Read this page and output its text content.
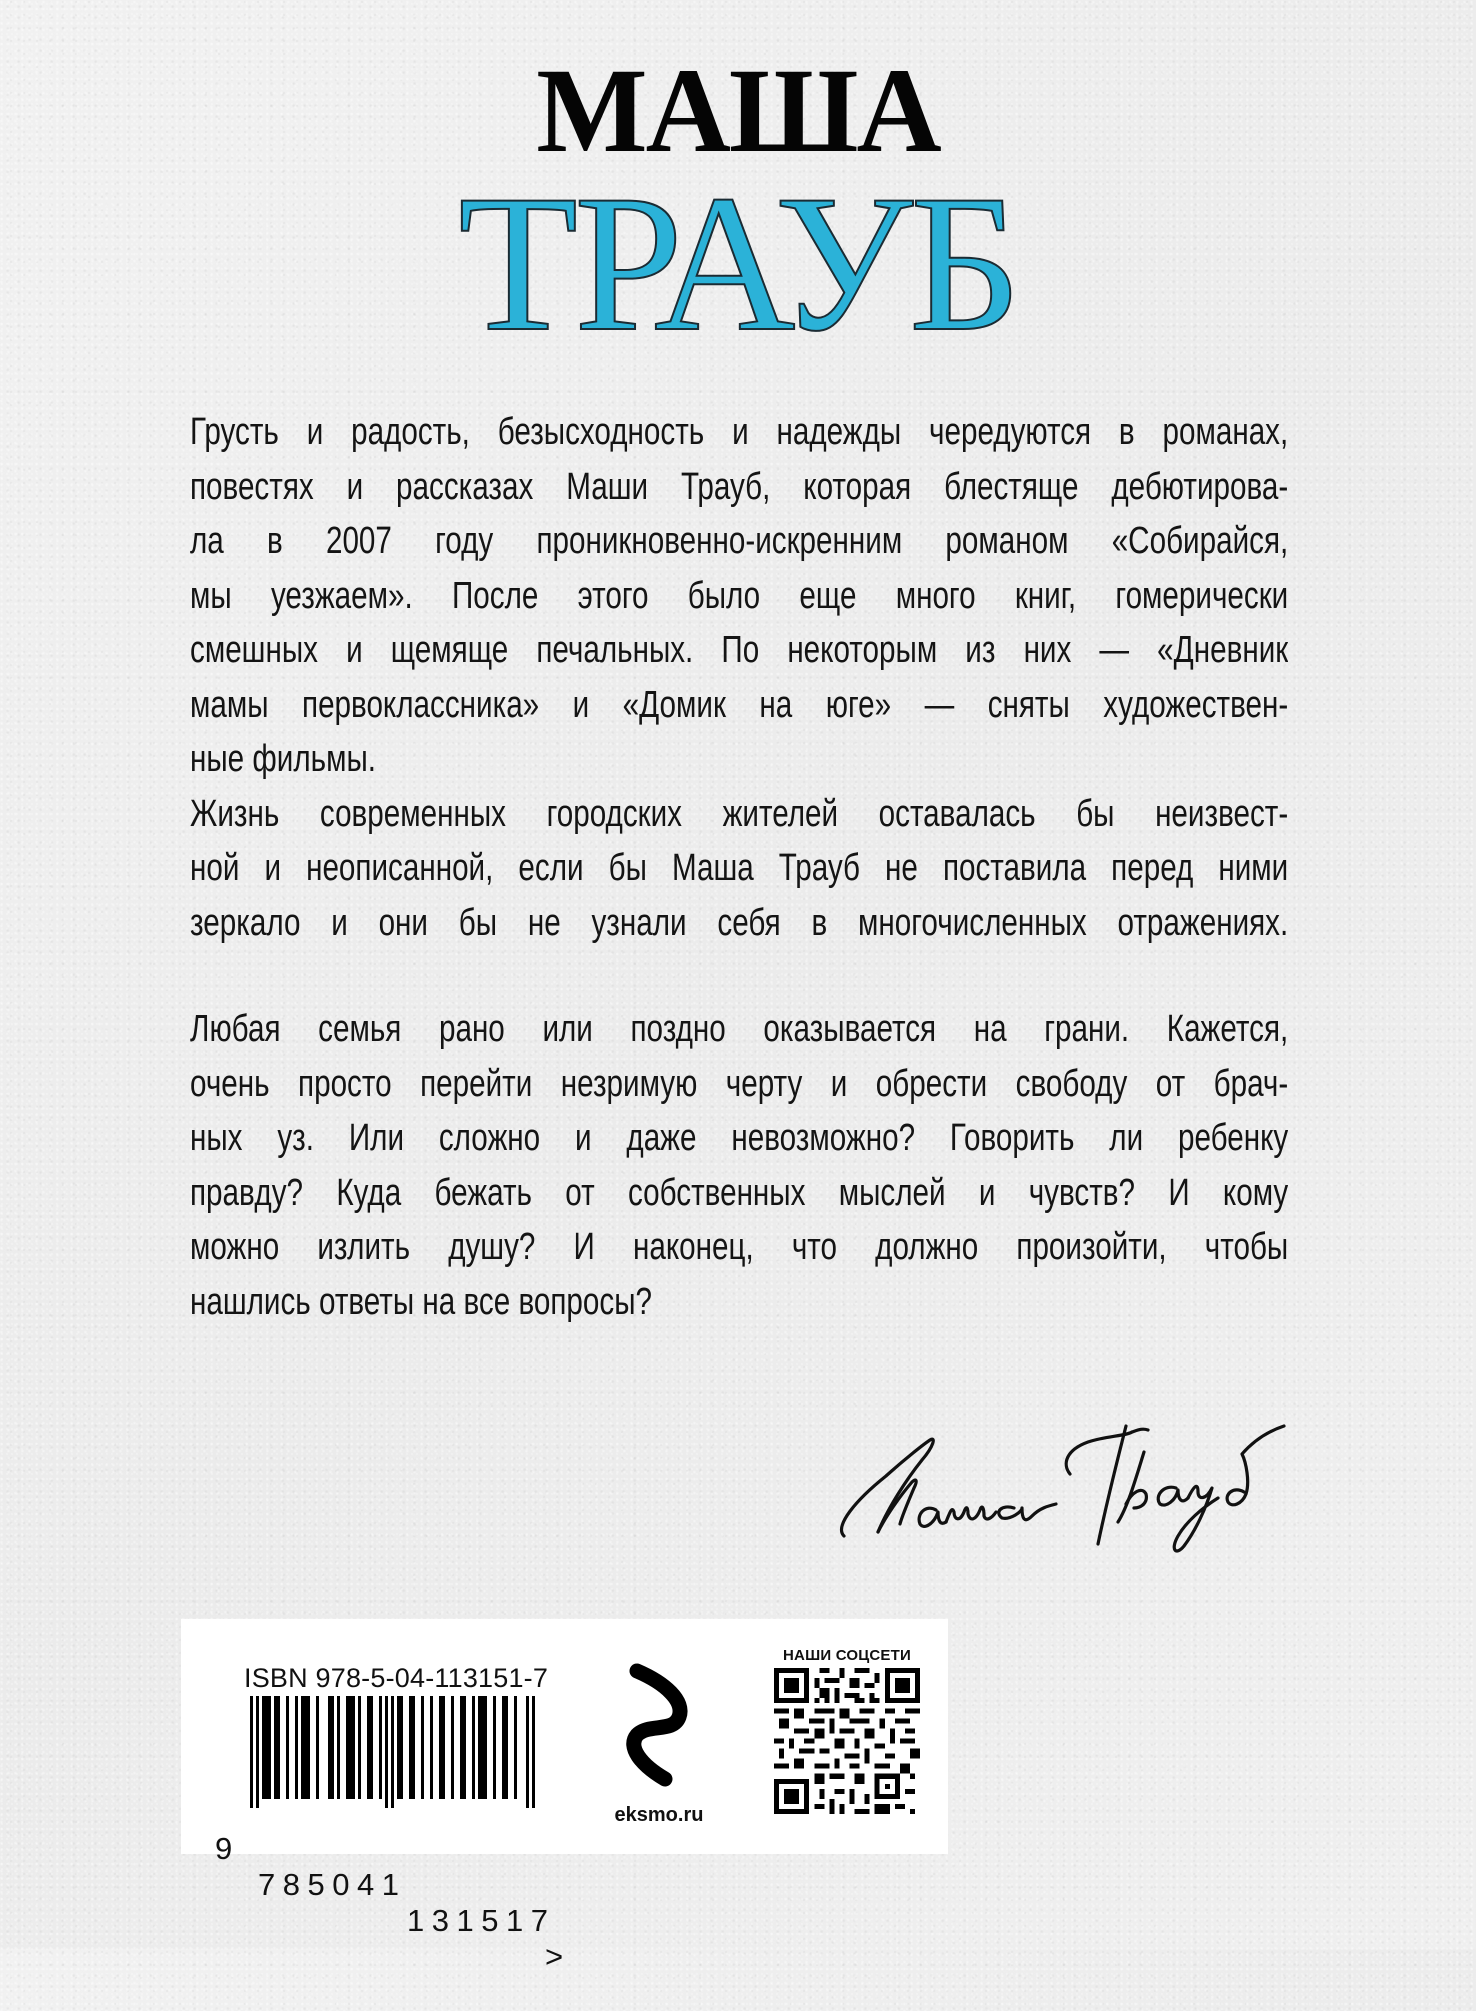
МАША
ТРАУБ
Грусть и радость, безысходность и надежды чередуются в романах,
повестях и рассказах Маши Трауб, которая блестяще дебютирова-
ла в 2007 году проникновенно-искренним романом «Собирайся,
мы уезжаем». После этого было еще много книг, гомерически
смешных и щемяще печальных. По некоторым из них — «Дневник
мамы первоклассника» и «Домик на юге» — сняты художествен-
ные фильмы.
Жизнь современных городских жителей оставалась бы неизвест-
ной и неописанной, если бы Маша Трауб не поставила перед ними
зеркало и они бы не узнали себя в многочисленных отражениях.
Любая семья рано или поздно оказывается на грани. Кажется,
очень просто перейти незримую черту и обрести свободу от брач-
ных уз. Или сложно и даже невозможно? Говорить ли ребенку
правду? Куда бежать от собственных мыслей и чувств? И кому
можно излить душу? И наконец, что должно произойти, чтобы
нашлись ответы на все вопросы?
ISBN 978-5-04-113151-7

9

785041

131517

>

eksmo.ru
НАШИ СОЦСЕТИ
